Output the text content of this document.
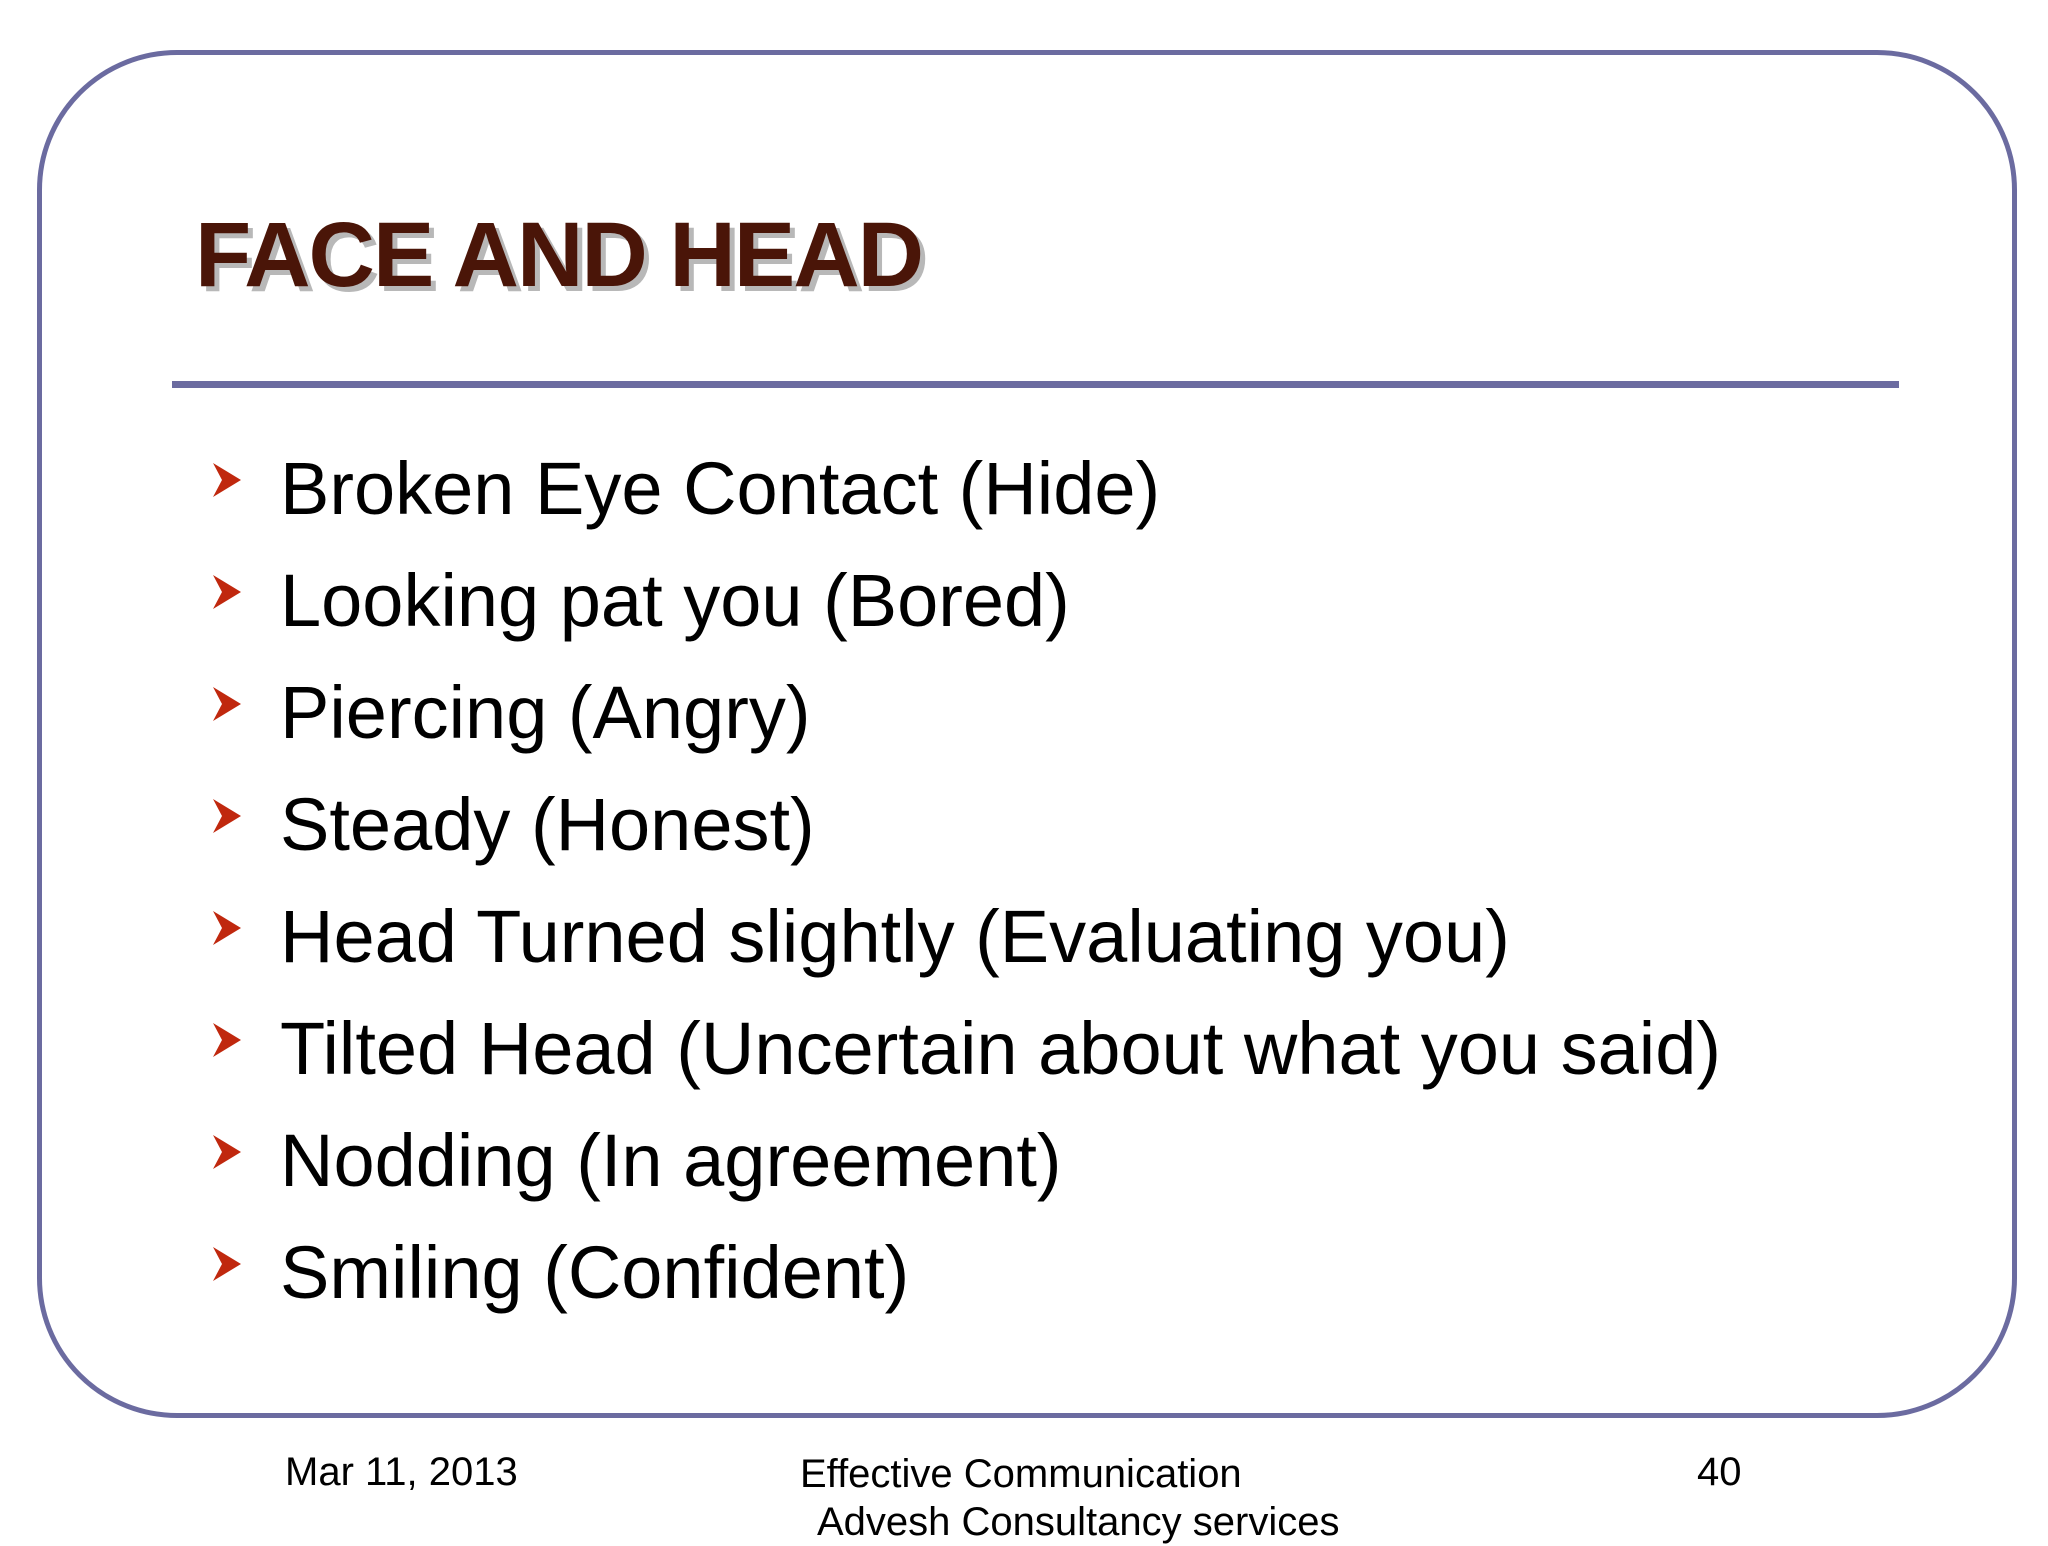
FACE AND HEAD
Broken Eye Contact (Hide)
Looking pat you (Bored)
Piercing (Angry)
Steady (Honest)
Head Turned slightly (Evaluating you)
Tilted Head (Uncertain about what you said)
Nodding (In agreement)
Smiling (Confident)
Mar 11, 2013	Effective Communication
Advesh Consultancy services
40
